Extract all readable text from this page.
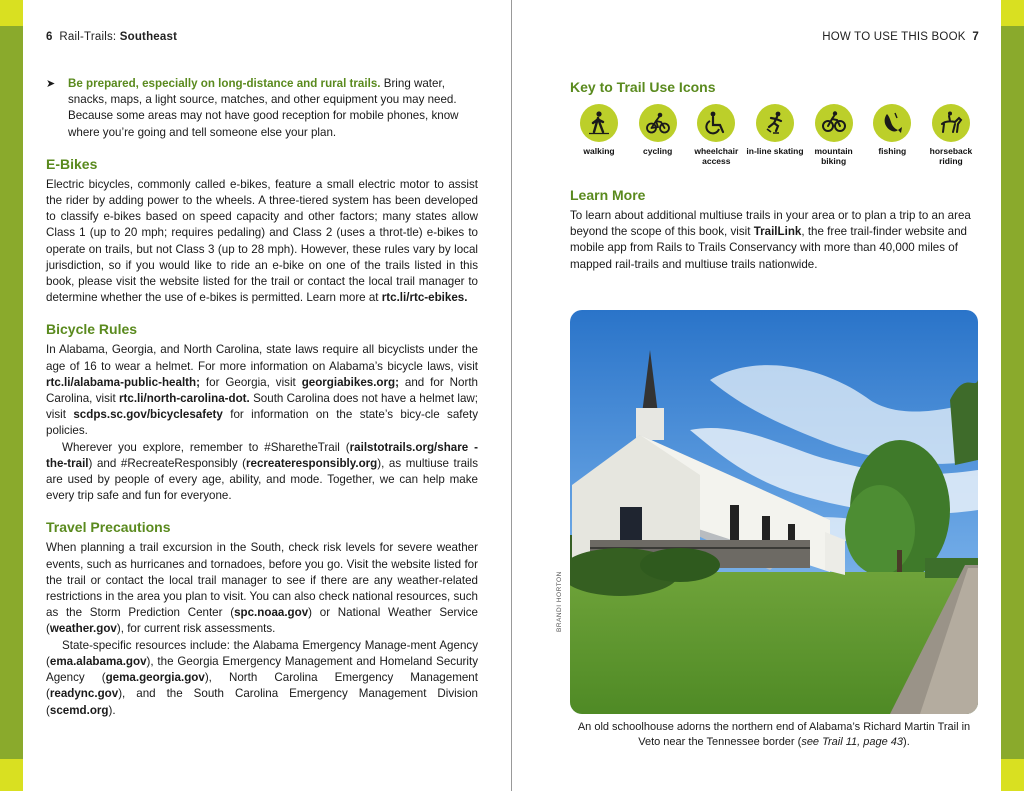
6 Rail-Trails: Southeast
➤	Be prepared, especially on long-distance and rural trails. Bring water, snacks, maps, a light source, matches, and other equipment you may need. Because some areas may not have good reception for mobile phones, know where you’re going and tell someone else your plan.
E-Bikes

Electric bicycles, commonly called e-bikes, feature a small electric motor to assist the rider by adding power to the wheels. A three-tiered system has been developed to classify e-bikes based on speed capacity and other factors; many states allow Class 1 (up to 20 mph; requires pedaling) and Class 2 (uses a throt-tle) e-bikes to operate on trails, but not Class 3 (up to 28 mph). However, these rules vary by local jurisdiction, so if you would like to ride an e-bike on one of the trails listed in this book, please visit the website listed for the trail or contact the local trail manager to determine whether the use of e-bikes is permitted. Learn more at rtc.li/rtc-ebikes.

Bicycle Rules

In Alabama, Georgia, and North Carolina, state laws require all bicyclists under the age of 16 to wear a helmet. For more information on Alabama’s bicycle laws, visit rtc.li/alabama-public-health; for Georgia, visit georgiabikes.org; and for North Carolina, visit rtc.li/north-carolina-dot. South Carolina does not have a helmet law; visit scdps.sc.gov/bicyclesafety for information on the state’s bicy-cle safety policies.

Wherever you explore, remember to #SharetheTrail (railstotrails.org/share -the-trail) and #RecreateResponsibly (recreateresponsibly.org), as multiuse trails are used by people of every age, ability, and mode. Together, we can help make every trip safe and fun for everyone.

Travel Precautions

When planning a trail excursion in the South, check risk levels for severe weather events, such as hurricanes and tornadoes, before you go. Visit the website listed for the trail or contact the local trail manager to see if there are any weather-related restrictions in the area you plan to visit. You can also check national resources, such as the Storm Prediction Center (spc.noaa.gov) or National Weather Service (weather.gov), for current risk assessments.

State-specific resources include: the Alabama Emergency Manage-ment Agency (ema.alabama.gov), the Georgia Emergency Management and Homeland Security Agency (gema.georgia.gov), North Carolina Emergency Management (readync.gov), and the South Carolina Emergency Management Division (scemd.org).

HOW TO USE THIS BOOK 7
Key to Trail Use Icons
walking	cycling	wheelchair access
in-line skating	mountain biking
fishing	horseback riding
Learn More

To learn about additional multiuse trails in your area or to plan a trip to an area beyond the scope of this book, visit TrailLink, the free trail-finder website and mobile app from Rails to Trails Conservancy with more than 40,000 miles of mapped rail-trails and multiuse trails nationwide.

BRANDI HORTON
An old schoolhouse adorns the northern end of Alabama’s Richard Martin Trail in Veto near the Tennessee border (see Trail 11, page 43).
